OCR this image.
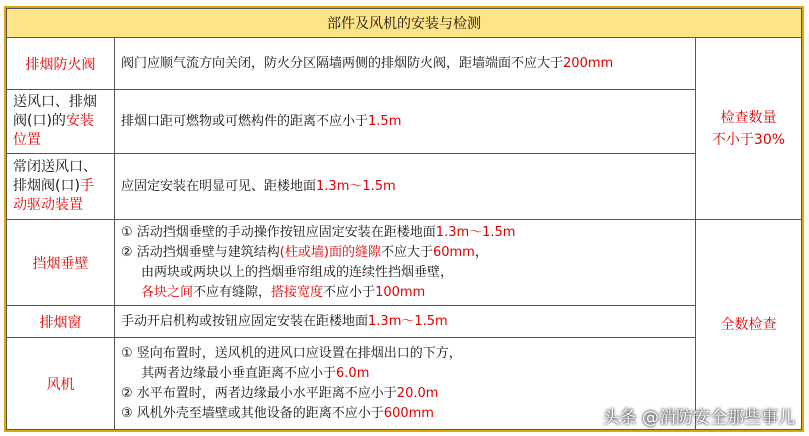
部件及风机的安装与检测		
排烟防火阀	阀门应顺气流方向关闭，防火分区隔墙两侧的排烟防火阀，距墙端面不应大于200mm	检查数量
不小于30%

送风口、排烟
阀(口)的安装
位置	排烟口距可燃物或可燃构件的距离不应小于1.5m	

常闭送风口、
排烟阀(口)手
动驱动装置	应固定安装在明显可见、距楼地面1.3m～1.5m	
挡烟垂壁	① 活动挡烟垂壁的手动操作按钮应固定安装在距楼地面1.3m～1.5m
② 活动挡烟垂壁与建筑结构(柱或墙)面的缝隙不应大于60mm，
由两块或两块以上的挡烟垂帘组成的连续性挡烟垂壁，
各块之间不应有缝隙，搭接宽度不应小于100mm	全数检查
排烟窗	手动开启机构或按钮应固定安装在距楼地面1.3m～1.5m	
风机	① 竖向布置时，送风机的进风口应设置在排烟出口的下方，
其两者边缘最小垂直距离不应小于6.0m
② 水平布置时，两者边缘最小水平距离不应小于20.0m
③ 风机外壳至墙壁或其他设备的距离不应小于600mm		头条 @消防安全那些事儿
